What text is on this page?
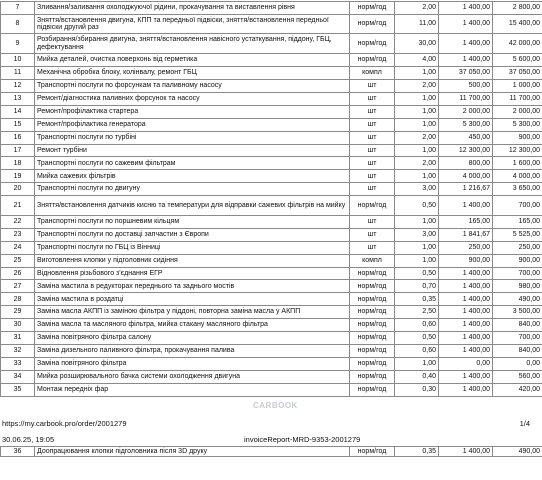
7	Зливання/заливання охолоджуючої рідини, прокачування та виставлення рівня	норм/год	2,00	1 400,00	2 800,00
8	Зняття/встановлення двигуна, КПП та передньої підвіски, зняття/встановлення передньої підвіски другий раз	норм/год	11,00	1 400,00	15 400,00
9	Розбирання/збирання двигуна, зняття/встановлення навісного устаткування, піддону, ГБЦ, дефектування	норм/год	30,00	1 400,00	42 000,00
10	Мийка деталей, очистка поверхонь від герметика	норм/год	4,00	1 400,00	5 600,00
11	Механічна обробка блоку, колінвалу, ремонт ГБЦ	компл	1,00	37 050,00	37 050,00
12	Транспортні послуги по форсункам та паливному насосу	шт	2,00	500,00	1 000,00
13	Ремонт/діагностика паливних форсунок та насосу	шт	1,00	11 700,00	11 700,00
14	Ремонт/профілактика стартера	шт	1,00	2 000,00	2 000,00
15	Ремонт/профілактика генератора	шт	1,00	5 300,00	5 300,00
16	Транспортні послуги по турбіні	шт	2,00	450,00	900,00
17	Ремонт турбіни	шт	1,00	12 300,00	12 300,00
18	Транспортні послуги по сажевим фільтрам	шт	2,00	800,00	1 600,00
19	Мийка сажевих фільтрів	шт	1,00	4 000,00	4 000,00
20	Транспортні послуги по двигуну	шт	3,00	1 216,67	3 650,00
21	Зняття/встановлення датчиків кисню та температури для відправки сажевих фільтрів на мийку	норм/год	0,50	1 400,00	700,00
22	Транспортні послуги по поршневим кільцям	шт	1,00	165,00	165,00
23	Транспортні послуги по доставці запчастин з Європи	шт	3,00	1 841,67	5 525,00
24	Транспортні послуги по ГБЦ із Вінниці	шт	1,00	250,00	250,00
25	Виготовлення клопки у підголовник сидіння	компл	1,00	900,00	900,00
26	Відновлення різьбового з'єднання ЕГР	норм/год	0,50	1 400,00	700,00
27	Заміна мастила в редукторах переднього та заднього мостів	норм/год	0,70	1 400,00	980,00
28	Заміна мастила в роздатці	норм/год	0,35	1 400,00	490,00
29	Заміна масла АКПП із заміною фільтра у піддоні, повторна заміна масла у АКПП	норм/год	2,50	1 400,00	3 500,00
30	Заміна масла та масляного фільтра, мийка стакану масляного фільтра	норм/год	0,60	1 400,00	840,00
31	Заміна повітряного фільтра салону	норм/год	0,50	1 400,00	700,00
32	Заміна дизельного паливного фільтра, прокачування палива	норм/год	0,60	1 400,00	840,00
33	Заміна повітряного фільтра	норм/год	1,00	0,00	0,00
34	Мийка розширювального бачка системи охолодження двигуна	норм/год	0,40	1 400,00	560,00
35	Монтаж передніх фар	норм/год	0,30	1 400,00	420,00
CARBOOK
https://my.carbook.pro/order/2001279	1/4
30.06.25, 19:05	invoiceReport-MRD-9353-2001279
36	Доопрацювання клопки підголовника після 3D друку	норм/год	0,35	1 400,00	490,00
